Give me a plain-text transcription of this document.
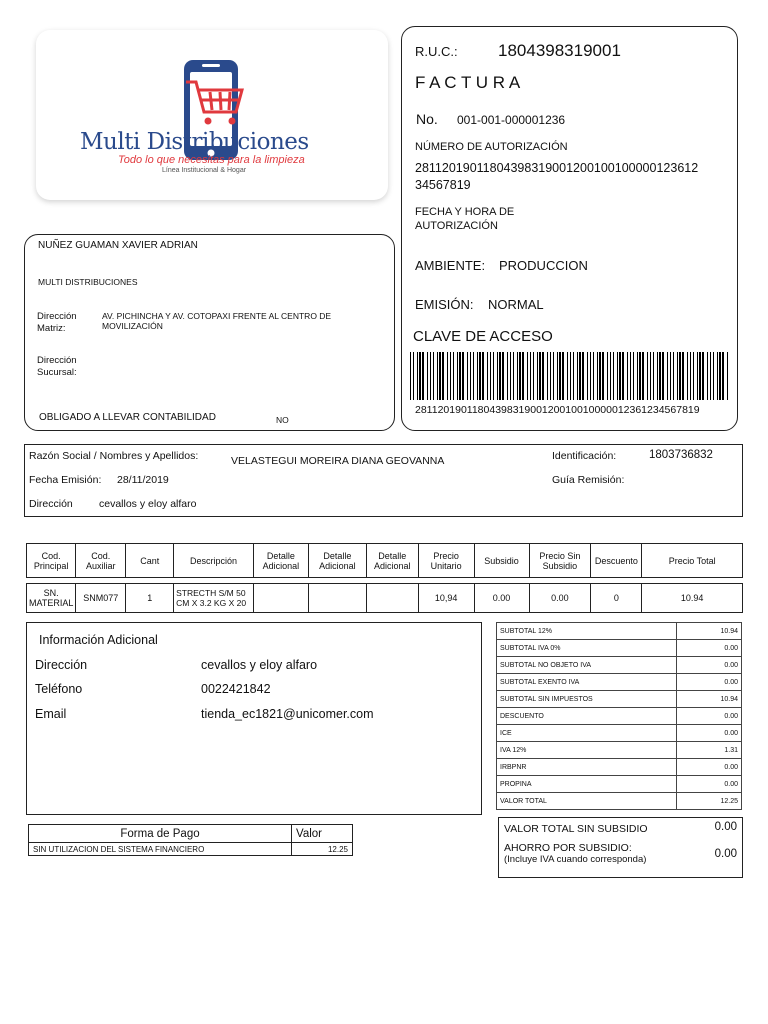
Multi Distribuciones
Todo lo que necesitas para la limpieza
Línea Institucional & Hogar
R.U.C.: 1804398319001
F A C T U R A
No. 001-001-000001236
NÚMERO DE AUTORIZACIÓN
28112019011804398319001200100100000123612
34567819
FECHA Y HORA DE
AUTORIZACIÓN
AMBIENTE: PRODUCCION
EMISIÓN: NORMAL
CLAVE DE ACCESO
2811201901180439831900120010010000012361234567819
NUÑEZ GUAMAN XAVIER ADRIAN
MULTI DISTRIBUCIONES
Dirección Matriz:
AV. PICHINCHA Y AV. COTOPAXI FRENTE AL CENTRO DE MOVILIZACIÓN
Dirección Sucursal:
OBLIGADO A LLEVAR CONTABILIDAD	NO
Razón Social / Nombres y Apellidos:	VELASTEGUI MOREIRA DIANA GEOVANNA	Identificación:	1803736832
Fecha Emisión: 28/11/2019	Guía Remisión:
Dirección cevallos y eloy alfaro
Cod. Principal	Cod. Auxiliar	Cant	Descripción	Detalle Adicional	Detalle Adicional	Detalle Adicional	Precio Unitario	Subsidio	Precio Sin Subsidio	Descuento	Precio Total

SN. MATERIAL	SNM077	1	STRECTH S/M 50 CM X 3.2 KG X 20				10,94	0.00	0.00	0	10.94
Información Adicional
Dirección	cevallos y eloy alfaro
Teléfono	0022421842
Email	tienda_ec1821@unicomer.com
SUBTOTAL 12%	10.94
SUBTOTAL IVA 0%	0.00
SUBTOTAL NO OBJETO IVA	0.00
SUBTOTAL EXENTO IVA	0.00
SUBTOTAL SIN IMPUESTOS	10.94
DESCUENTO	0.00
ICE	0.00
IVA 12%	1.31
IRBPNR	0.00
PROPINA	0.00
VALOR TOTAL	12.25
Forma de Pago	Valor
SIN UTILIZACION DEL SISTEMA FINANCIERO	12.25
VALOR TOTAL SIN SUBSIDIO	0.00
AHORRO POR SUBSIDIO:
(Incluye IVA cuando corresponda)	0.00
